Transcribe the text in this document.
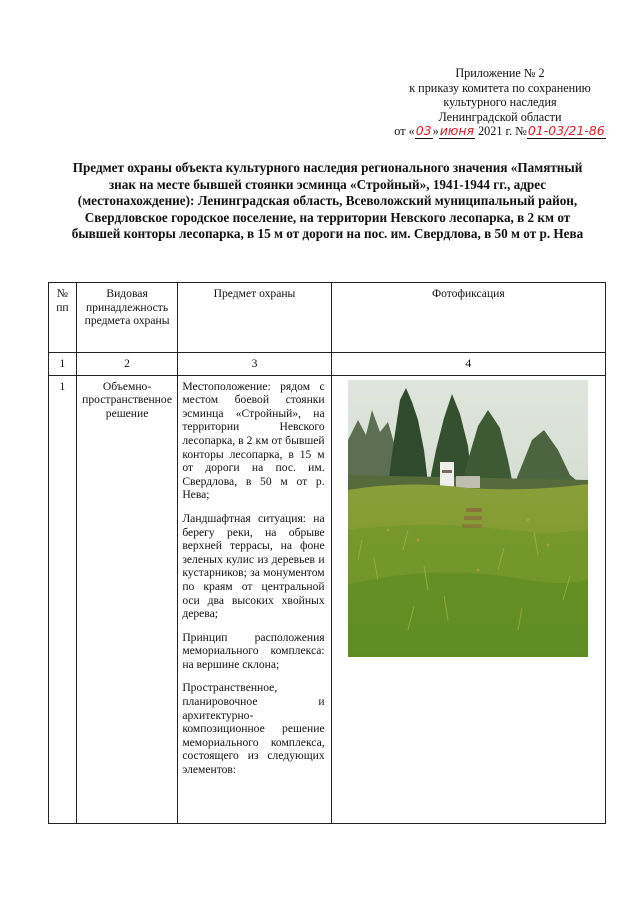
Приложение № 2
к приказу комитета по сохранению
культурного наследия
Ленинградской области
от «03»июня 2021 г. №01-03/21-86
Предмет охраны объекта культурного наследия регионального значения «Памятный знак на месте бывшей стоянки эсминца «Стройный», 1941-1944 гг., адрес (местонахождение): Ленинградская область, Всеволожский муниципальный район, Свердловское городское поселение, на территории Невского лесопарка, в 2 км от бывшей конторы лесопарка, в 15 м от дороги на пос. им. Свердлова, в 50 м от р. Нева
№ пп	Видовая принадлежность предмета охраны	Предмет охраны	Фотофиксация
1	2	3	4
1	Объемно-пространственное решение	Местоположение: рядом с местом боевой стоянки эсминца «Стройный», на территории Невского лесопарка, в 2 км от бывшей конторы лесопарка, в 15 м от дороги на пос. им. Свердлова, в 50 м от р. Нева;

Ландшафтная ситуация: на берегу реки, на обрыве верхней террасы, на фоне зеленых кулис из деревьев и кустарников; за монументом по краям от центральной оси два высоких хвойных дерева;

Принцип расположения мемориального комплекса: на вершине склона;

Пространственное, планировочное и архитектурно-композиционное решение мемориального комплекса, состоящего из следующих элементов:
